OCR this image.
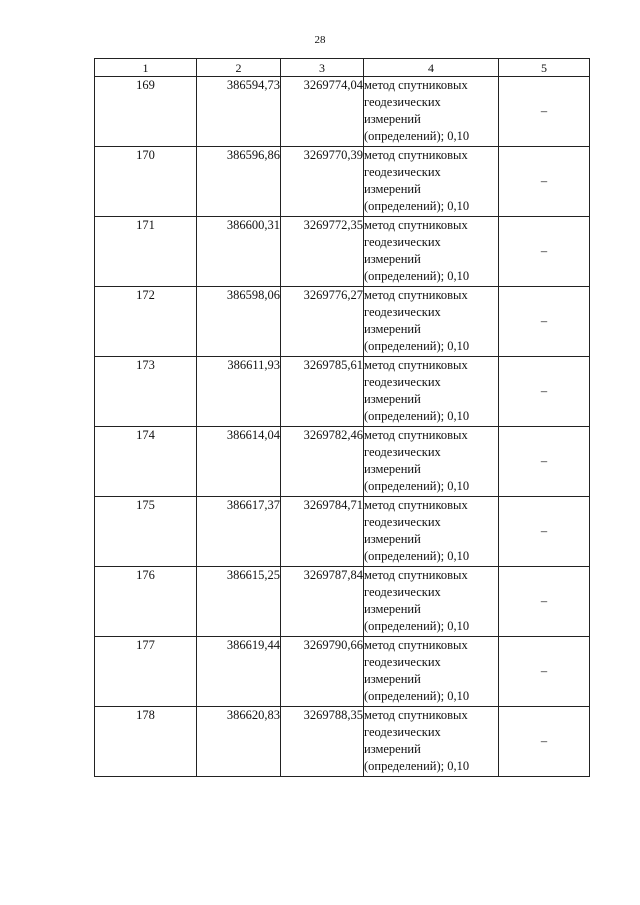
28
1	2	3	4	5
169	386594,73	3269774,04	метод спутниковых
геодезических
измерений
(определений); 0,10	–
170	386596,86	3269770,39	метод спутниковых
геодезических
измерений
(определений); 0,10	–
171	386600,31	3269772,35	метод спутниковых
геодезических
измерений
(определений); 0,10	–
172	386598,06	3269776,27	метод спутниковых
геодезических
измерений
(определений); 0,10	–
173	386611,93	3269785,61	метод спутниковых
геодезических
измерений
(определений); 0,10	–
174	386614,04	3269782,46	метод спутниковых
геодезических
измерений
(определений); 0,10	–
175	386617,37	3269784,71	метод спутниковых
геодезических
измерений
(определений); 0,10	–
176	386615,25	3269787,84	метод спутниковых
геодезических
измерений
(определений); 0,10	–
177	386619,44	3269790,66	метод спутниковых
геодезических
измерений
(определений); 0,10	–
178	386620,83	3269788,35	метод спутниковых
геодезических
измерений
(определений); 0,10	–
